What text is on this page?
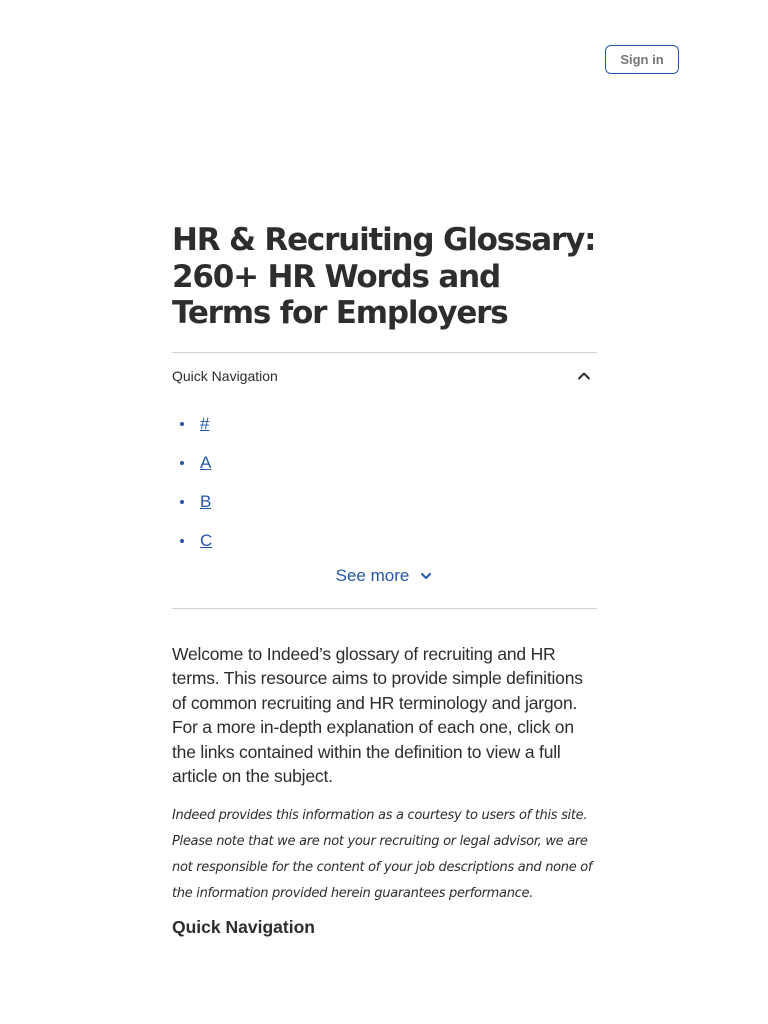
Sign in
HR & Recruiting Glossary: 260+ HR Words and Terms for Employers
Quick Navigation
#
A
B
C
See more

Welcome to Indeed’s glossary of recruiting and HR terms. This resource aims to provide simple definitions of common recruiting and HR terminology and jargon. For a more in-depth explanation of each one, click on the links contained within the definition to view a full article on the subject.

Indeed provides this information as a courtesy to users of this site. Please note that we are not your recruiting or legal advisor, we are not responsible for the content of your job descriptions and none of the information provided herein guarantees performance.

Quick Navigation
